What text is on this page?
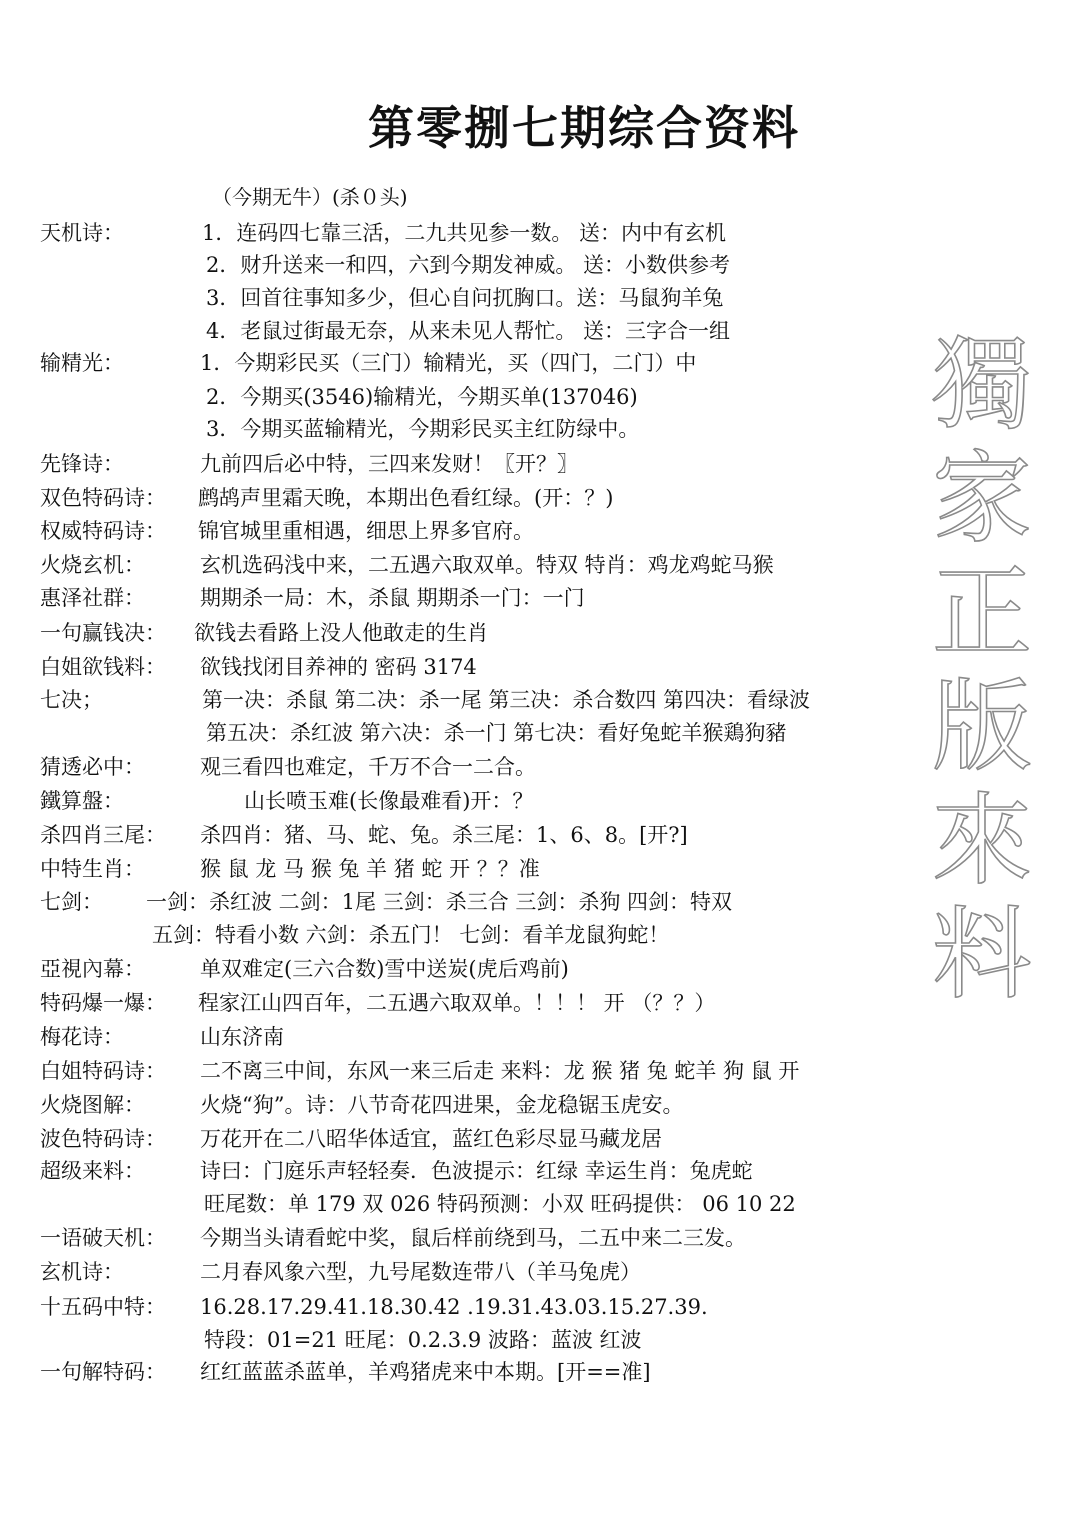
第零捌七期综合资料
（今期无牛）(杀０头)
天机诗：	1．连码四七靠三活，二九共见参一数。 送：内中有玄机
2．财升送来一和四，六到今期发神威。 送：小数供参考
3．回首往事知多少，但心自问扤胸口。送：马鼠狗羊兔
4．老鼠过街最无奈，从来未见人帮忙。 送：三字合一组
输精光：	1．今期彩民买（三门）输精光，买（四门，二门）中
2．今期买(3546)输精光，今期买单(137046)
3．今期买蓝输精光，今期彩民买主红防绿中。
先锋诗：	九前四后必中特，三四来发财！〖开？〗
双色特码诗： 鹧鸪声里霜天晚，本期出色看红绿。(开：？)
权威特码诗： 锦官城里重相遇，细思上界多官府。
火烧玄机：	玄机选码浅中来，二五遇六取双单。特双 特肖：鸡龙鸡蛇马猴
惠泽社群：	期期杀一局：木，杀鼠 期期杀一门：一门
一句赢钱决： 欲钱去看路上没人他敢走的生肖
白姐欲钱料： 欲钱找闭目养神的 密码 3174
七决；	第一决：杀鼠 第二决：杀一尾 第三决：杀合数四 第四决：看绿波
第五决：杀红波 第六决：杀一门 第七决：看好兔蛇羊猴鶏狗豬
猜透必中：	观三看四也难定，千万不合一二合。
鐵算盤：	山长喷玉难(长像最难看)开：？
杀四肖三尾： 杀四肖：猪、马、蛇、兔。杀三尾：1、6、8。[开?]
中特生肖：	猴 鼠 龙 马 猴 兔 羊 猪 蛇 开 ？？准
七剑： 一剑：杀红波 二剑：1尾 三剑：杀三合 三剑：杀狗 四剑：特双
五剑：特看小数 六剑：杀五门！ 七剑：看羊龙鼠狗蛇！
亞視內幕：	单双难定(三六合数)雪中送炭(虎后鸡前)
特码爆一爆： 程家江山四百年，二五遇六取双单。！！！ 开 （？？）
梅花诗：	山东济南
白姐特码诗： 二不离三中间，东风一来三后走 来料：龙 猴 猪 兔 蛇羊 狗 鼠 开
火烧图解：	火烧“狗”。诗：八节奇花四进果，金龙稳锯玉虎安。
波色特码诗： 万花开在二八昭华体适宜，蓝红色彩尽显马藏龙居
超级来料：	诗曰：门庭乐声轻轻奏．色波提示：红绿 幸运生肖：兔虎蛇
旺尾数：单 179 双 026 特码预测：小双 旺码提供： 06 10 22
一语破天机： 今期当头请看蛇中奖，鼠后样前绕到马，二五中来二三发。
玄机诗：	二月春风象六型，九号尾数连带八（羊马兔虎）
十五码中特： 16.28.17.29.41.18.30.42 .19.31.43.03.15.27.39.
特段：01=21 旺尾：0.2.3.9 波路：蓝波 红波
一句解特码： 红红蓝蓝杀蓝单，羊鸡猪虎来中本期。[开==准]
獨
家
正
版
來
料
